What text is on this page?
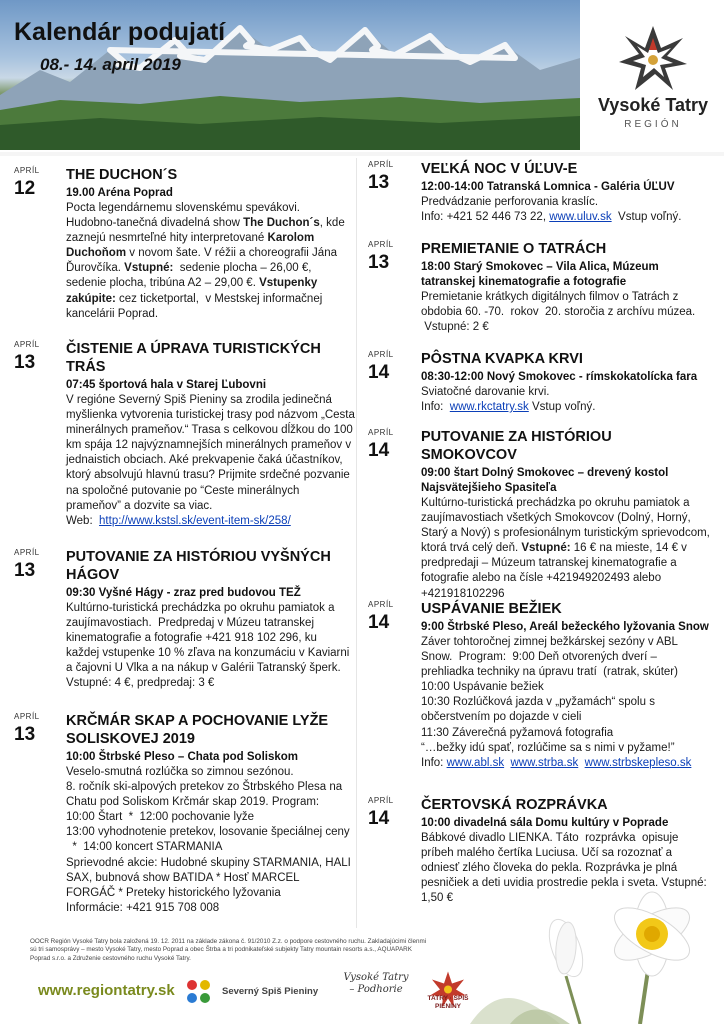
Kalendár podujatí
08.- 14. april 2019
Vysoké Tatry
REGIÓN
APRÍL
12
THE DUCHON´S
19.00 Aréna Poprad

Pocta legendárnemu slovenskému spevákovi. Hudobno-tanečná divadelná show The Duchon´s, kde zaznejú nesmrteľné hity interpretované Karolom Duchoňom v novom šate. V réžii a choreografii Jána Ďurovčíka. Vstupné:  sedenie plocha – 26,00 €, sedenie plocha, tribúna A2 – 29,00 €. Vstupenky zakúpite: cez ticketportal,  v Mestskej informačnej kancelárii Poprad.

APRÍL
13
ČISTENIE A ÚPRAVA TURISTICKÝCH TRÁS
07:45 športová hala v Starej Ľubovni

V regióne Severný Spiš Pieniny sa zrodila jedinečná myšlienka vytvorenia turistickej trasy pod názvom „Cesta minerálnych prameňov.“ Trasa s celkovou dĺžkou do 100 km spája 12 najvýznamnejších minerálnych prameňov v jednaistich obciach. Aké prekvapenie čaká účastníkov, ktorý absolvujú hlavnú trasu? Prijmite srdečné pozvanie na spoločné putovanie po “Ceste minerálnych prameňov” a dozvite sa viac.
Web:  http://www.kstsl.sk/event-item-sk/258/

APRÍL
13
PUTOVANIE ZA HISTÓRIOU VYŠNÝCH HÁGOV
09:30 Vyšné Hágy - zraz pred budovou TEŽ

Kultúrno-turistická prechádzka po okruhu pamiatok a zaujímavostiach.  Predpredaj v Múzeu tatranskej kinematografie a fotografie +421 918 102 296, ku každej vstupenke 10 % zľava na konzumáciu v Kaviarni a čajovni U Vlka a na nákup v Galérii Tatranský šperk. Vstupné: 4 €, predpredaj: 3 €

APRÍL
13
KRČMÁR SKAP A POCHOVANIE LYŽE SOLISKOVEJ 2019
10:00 Štrbské Pleso – Chata pod Soliskom

Veselo-smutná rozlúčka so zimnou sezónou.
8. ročník ski-alpových pretekov zo Štrbského Plesa na Chatu pod Soliskom Krčmár skap 2019. Program: 10:00 Štart  *  12:00 pochovanie lyže
13:00 vyhodnotenie pretekov, losovanie špeciálnej ceny   *  14:00 koncert STARMANIA
Sprievodné akcie: Hudobné skupiny STARMANIA, HALI SAX, bubnová show BATIDA * Hosť MARCEL FORGÁČ * Preteky historického lyžovania
Informácie: +421 915 708 008

APRÍL
13
VEĽKÁ NOC V ÚĽUV-E
12:00-14:00 Tatranská Lomnica - Galéria ÚĽUV

Predvádzanie perforovania kraslíc.
Info: +421 52 446 73 22, www.uluv.sk  Vstup voľný.

APRÍL
13
PREMIETANIE O TATRÁCH
18:00 Starý Smokovec – Vila Alica, Múzeum tatranskej kinematografie a fotografie

Premietanie krátkych digitálnych filmov o Tatrách z obdobia 60. -70.  rokov  20. storočia z archívu múzea.  Vstupné: 2 €

APRÍL
14
PÔSTNA KVAPKA KRVI
08:30-12:00 Nový Smokovec - rímskokatolícka fara

Sviatočné darovanie krvi.
Info:  www.rkctatry.sk Vstup voľný.

APRÍL
14
PUTOVANIE ZA HISTÓRIOU SMOKOVCOV
09:00 štart Dolný Smokovec – drevený kostol Najsvätejšieho Spasiteľa

Kultúrno-turistická prechádzka po okruhu pamiatok a zaujímavostiach všetkých Smokovcov (Dolný, Horný, Starý a Nový) s profesionálnym turistickým sprievodcom, ktorá trvá celý deň. Vstupné: 16 € na mieste, 14 € v predpredaji – Múzeum tatranskej kinematografie a fotografie alebo na čísle +421949202493 alebo +421918102296

APRÍL
14
USPÁVANIE BEŽIEK
9:00 Štrbské Pleso, Areál bežeckého lyžovania Snow

Záver tohtoročnej zimnej bežkárskej sezóny v ABL Snow.  Program:  9:00 Deň otvorených dverí – prehliadka techniky na úpravu tratí  (ratrak, skúter)
10:00 Uspávanie bežiek
10:30 Rozlúčková jazda v „pyžamách“ spolu s občerstvením po dojazde v cieli
11:30 Záverečná pyžamová fotografia
“…bežky idú spať, rozlúčime sa s nimi v pyžame!”
Info: www.abl.sk www.strba.sk www.strbskepleso.sk

APRÍL
14
ČERTOVSKÁ ROZPRÁVKA
10:00 divadelná sála Domu kultúry v Poprade

Bábkové divadlo LIENKA. Táto  rozprávka  opisuje príbeh malého čertíka Luciusa. Učí sa rozoznať a odniesť zlého človeka do pekla. Rozprávka je plná pesničiek a deti uvidia prostredie pekla i sveta. Vstupné: 1,50 €

OOCR Región Vysoké Tatry bola založená 19. 12. 2011 na základe zákona č. 91/2010 Z.z. o podpore cestovného ruchu. Zakladajúcimi členmi sú tri samosprávy – mesto Vysoké Tatry, mesto Poprad a obec Štrba a tri podnikateľské subjekty Tatry mountain resorts a.s., AQUAPARK Poprad s.r.o. a Združenie cestovného ruchu Vysoké Tatry.
www.regiontatry.sk	Severný Spiš Pieniny
Vysoké Tatry – Podhorie
TATRY · SPIŠ PIENINY
